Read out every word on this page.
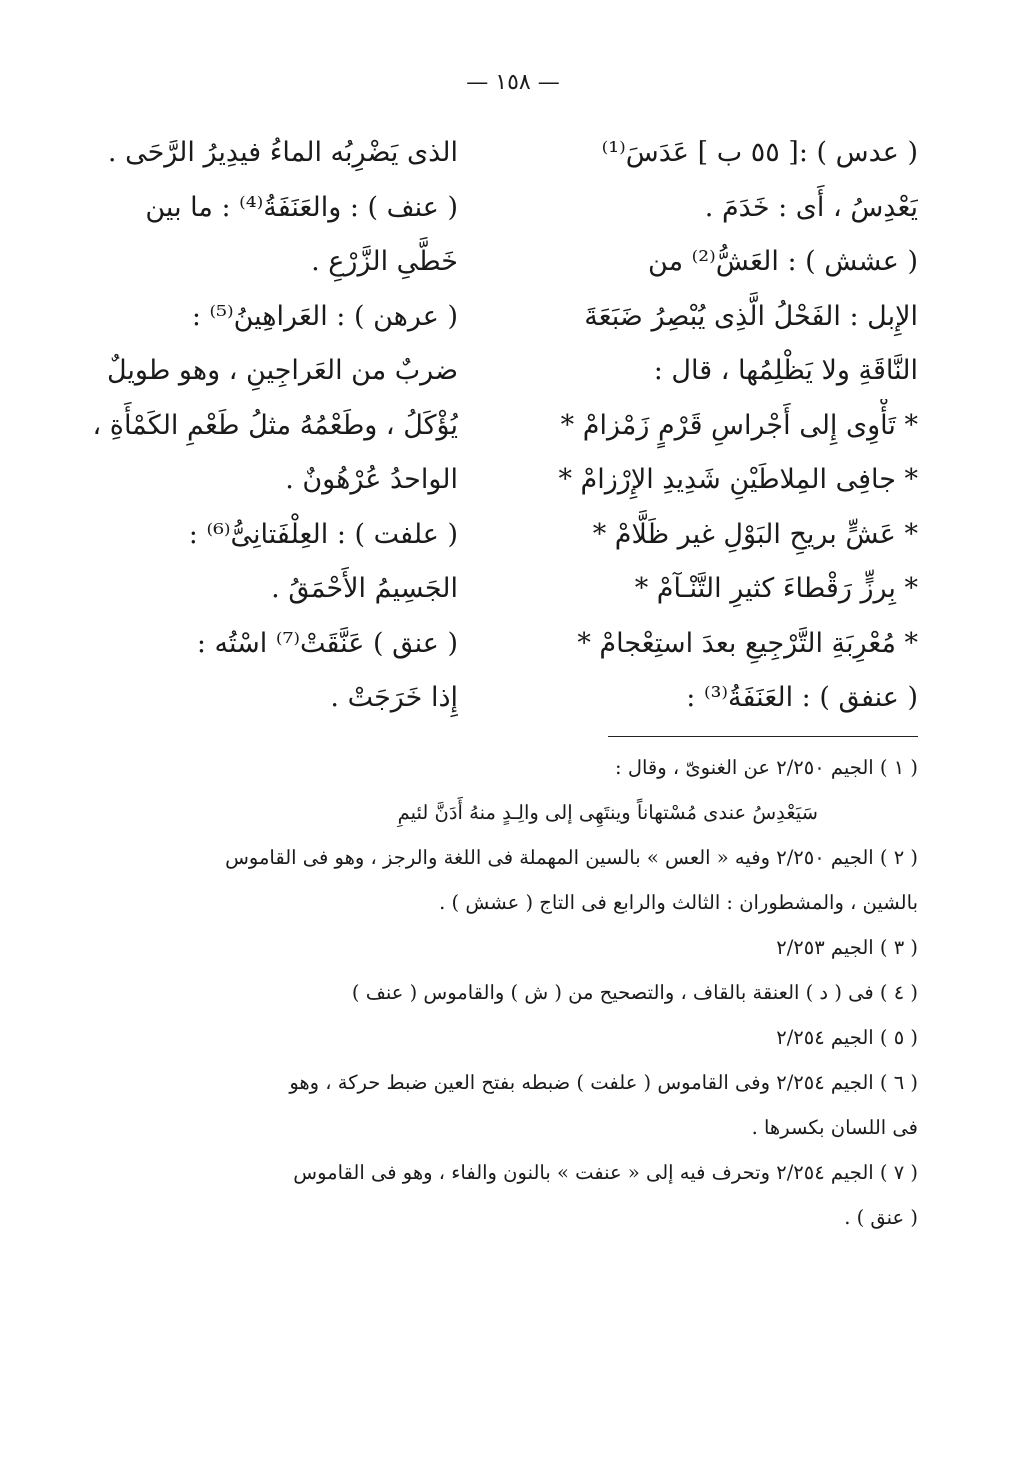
— ١٥٨ —
( عدس ) :[ ٥٥ ب ] عَدَسَ⁽¹⁾
يَعْدِسُ ، أَى : خَدَمَ .
( عشش ) : العَشُّ⁽²⁾ من
الإِبل : الفَحْلُ الَّذِى يُبْصِرُ ضَبَعَةَ
النَّاقَةِ ولا يَظْلِمُها ، قال :
* تَأْوِى إِلى أَجْراسِ قَرْمٍ زَمْزامْ *
* جافِى المِلاطَيْنِ شَدِيدِ الإِرْزامْ *
* عَشٍّ بريحِ البَوْلِ غير ظَلَّامْ *
* بِرزٍّ رَقْطاءَ كثيرِ التَّنْـآمْ *
* مُعْرِبَةِ التَّرْجِيعِ بعدَ استِعْجامْ *
( عنفق ) : العَنَفَةُ⁽³⁾ :
الذى يَضْرِبُه الماءُ فيدِيرُ الرَّحَى .
( عنف ) : والعَنَفَةُ⁽⁴⁾ : ما بين
خَطَّىِ الزَّرْعِ .
( عرهن ) : العَراهِينُ⁽⁵⁾ :
ضربٌ من العَراجِينِ ، وهو طويلٌ
يُؤْكَلُ ، وطَعْمُهُ مثلُ طَعْمِ الكَمْأَةِ ،
الواحدُ عُرْهُونٌ .
( علفت ) : العِلْفَتانِىُّ⁽⁶⁾ :
الجَسِيمُ الأَحْمَقُ .
( عنق ) عَنَّقَتْ⁽⁷⁾ اسْتُه :
إِذا خَرَجَتْ .
( ١ ) الجيم ٢/٢٥٠ عن الغنوىّ ، وقال :
سَيَعْدِسُ عندى مُسْتهاناً وينتَهِى إلى والِـدٍ منهُ أَدَنَّ لئيمِ
( ٢ ) الجيم ٢/٢٥٠ وفيه « العس » بالسين المهملة فى اللغة والرجز ، وهو فى القاموس
بالشين ، والمشطوران : الثالث والرابع فى التاج ( عشش ) .
( ٣ ) الجيم ٢/٢٥٣
( ٤ ) فى ( د ) العنقة بالقاف ، والتصحيح من ( ش ) والقاموس ( عنف )
( ٥ ) الجيم ٢/٢٥٤
( ٦ ) الجيم ٢/٢٥٤ وفى القاموس ( علفت ) ضبطه بفتح العين ضبط حركة ، وهو
فى اللسان بكسرها .
( ٧ ) الجيم ٢/٢٥٤ وتحرف فيه إلى « عنفت » بالنون والفاء ، وهو فى القاموس
( عنق ) .
